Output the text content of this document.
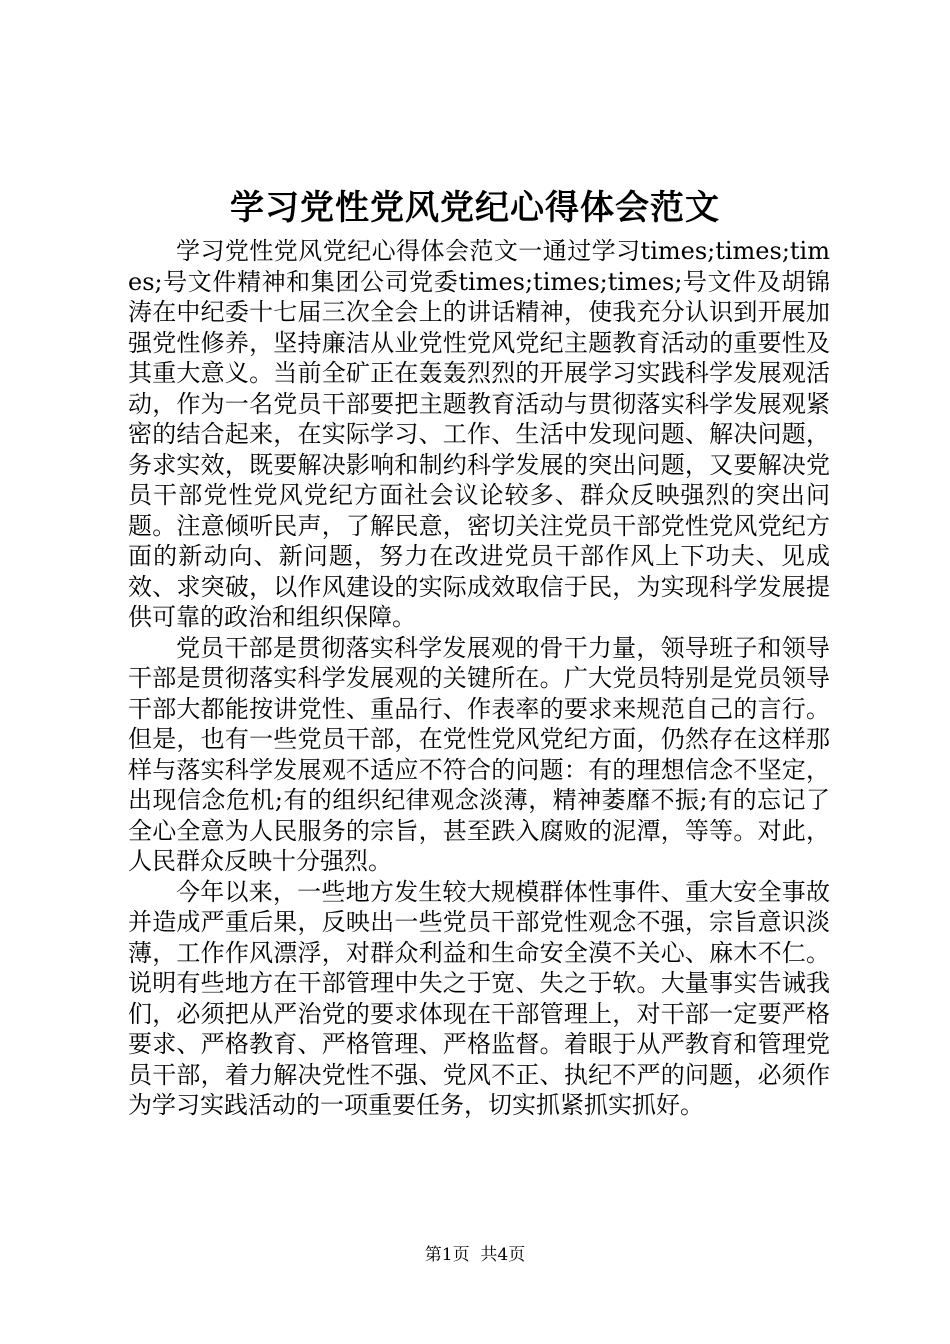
学习党性党风党纪心得体会范文

学习党性党风党纪心得体会范文一通过学习times;times;times;号文件精神和集团公司党委times;times;times;号文件及胡锦涛在中纪委十七届三次全会上的讲话精神，使我充分认识到开展加强党性修养，坚持廉洁从业党性党风党纪主题教育活动的重要性及其重大意义。当前全矿正在轰轰烈烈的开展学习实践科学发展观活动，作为一名党员干部要把主题教育活动与贯彻落实科学发展观紧密的结合起来，在实际学习、工作、生活中发现问题、解决问题，务求实效，既要解决影响和制约科学发展的突出问题，又要解决党员干部党性党风党纪方面社会议论较多、群众反映强烈的突出问题。注意倾听民声，了解民意，密切关注党员干部党性党风党纪方面的新动向、新问题，努力在改进党员干部作风上下功夫、见成效、求突破，以作风建设的实际成效取信于民，为实现科学发展提供可靠的政治和组织保障。

党员干部是贯彻落实科学发展观的骨干力量，领导班子和领导干部是贯彻落实科学发展观的关键所在。广大党员特别是党员领导干部大都能按讲党性、重品行、作表率的要求来规范自己的言行。但是，也有一些党员干部，在党性党风党纪方面，仍然存在这样那样与落实科学发展观不适应不符合的问题：有的理想信念不坚定，出现信念危机;有的组织纪律观念淡薄，精神萎靡不振;有的忘记了全心全意为人民服务的宗旨，甚至跌入腐败的泥潭，等等。对此，人民群众反映十分强烈。

今年以来，一些地方发生较大规模群体性事件、重大安全事故并造成严重后果，反映出一些党员干部党性观念不强，宗旨意识淡薄，工作作风漂浮，对群众利益和生命安全漠不关心、麻木不仁。说明有些地方在干部管理中失之于宽、失之于软。大量事实告诫我们，必须把从严治党的要求体现在干部管理上，对干部一定要严格要求、严格教育、严格管理、严格监督。着眼于从严教育和管理党员干部，着力解决党性不强、党风不正、执纪不严的问题，必须作为学习实践活动的一项重要任务，切实抓紧抓实抓好。

第1页  共4页
